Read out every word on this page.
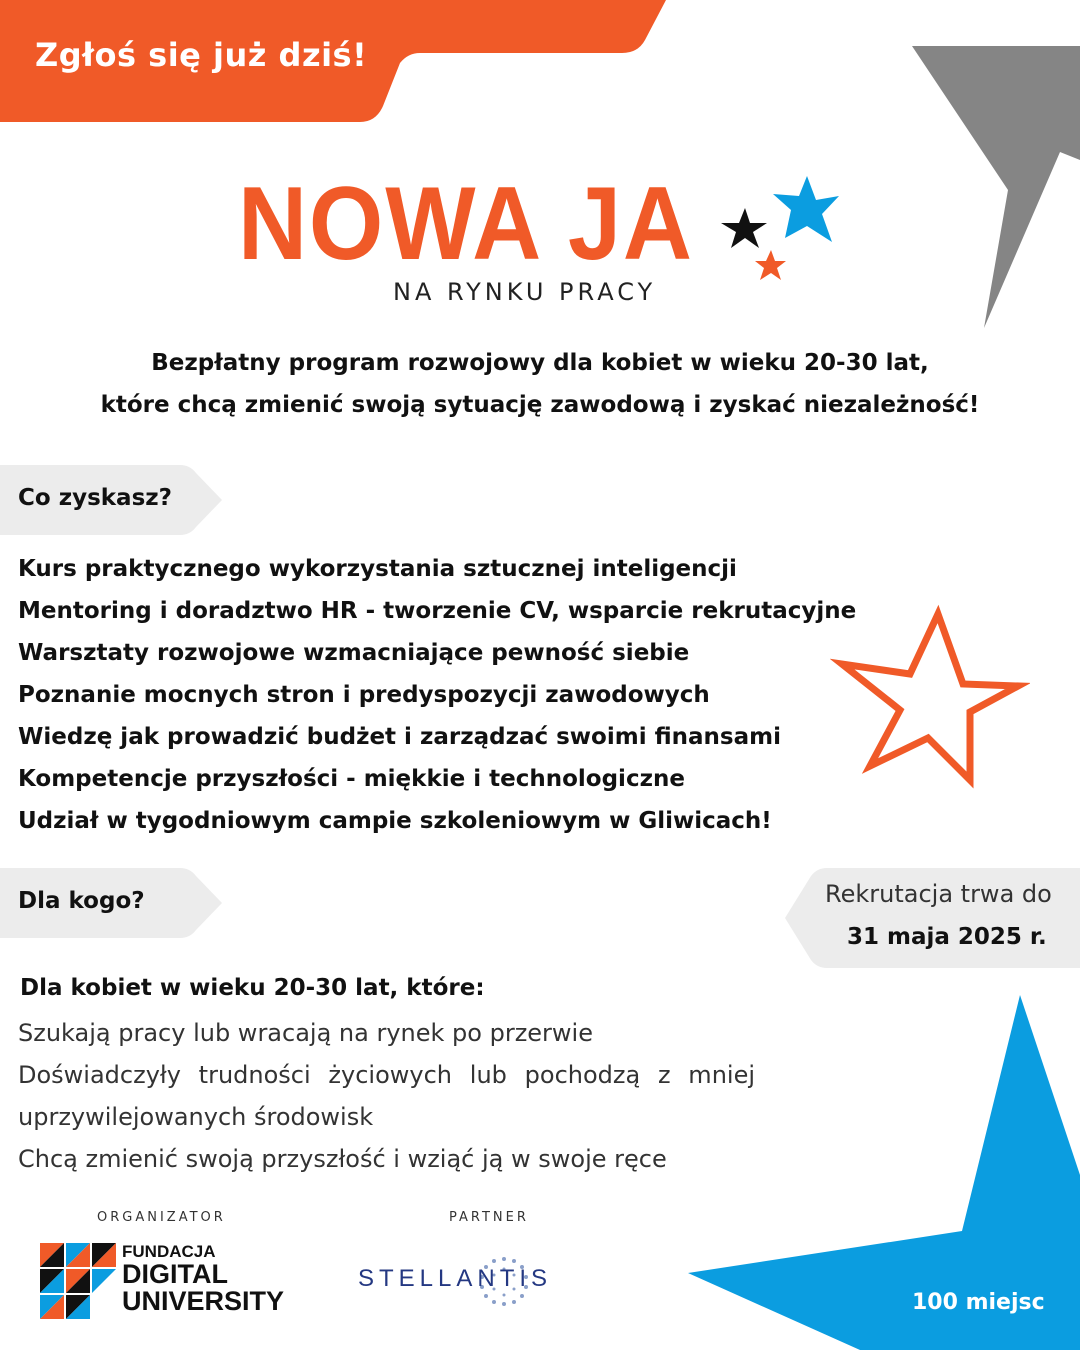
Zgłoś się już dziś!
NOWA JA
NA RYNKU PRACY
Bezpłatny program rozwojowy dla kobiet w wieku 20-30 lat,
które chcą zmienić swoją sytuację zawodową i zyskać niezależność!
Co zyskasz?
Kurs praktycznego wykorzystania sztucznej inteligencji
Mentoring i doradztwo HR - tworzenie CV, wsparcie rekrutacyjne
Warsztaty rozwojowe wzmacniające pewność siebie
Poznanie mocnych stron i predyspozycji zawodowych
Wiedzę jak prowadzić budżet i zarządzać swoimi finansami
Kompetencje przyszłości - miękkie i technologiczne
Udział w tygodniowym campie szkoleniowym w Gliwicach!
Dla kogo?	Rekrutacja trwa do
31 maja 2025 r.
Dla kobiet w wieku 20-30 lat, które:
Szukają pracy lub wracają na rynek po przerwie
Doświadczyły trudności życiowych lub pochodzą z mniej uprzywilejowanych środowisk
Chcą zmienić swoją przyszłość i wziąć ją w swoje ręce
100 miejsc
ORGANIZATOR
FUNDACJA
DIGITAL
UNIVERSITY
PARTNER
STELLANTIS
